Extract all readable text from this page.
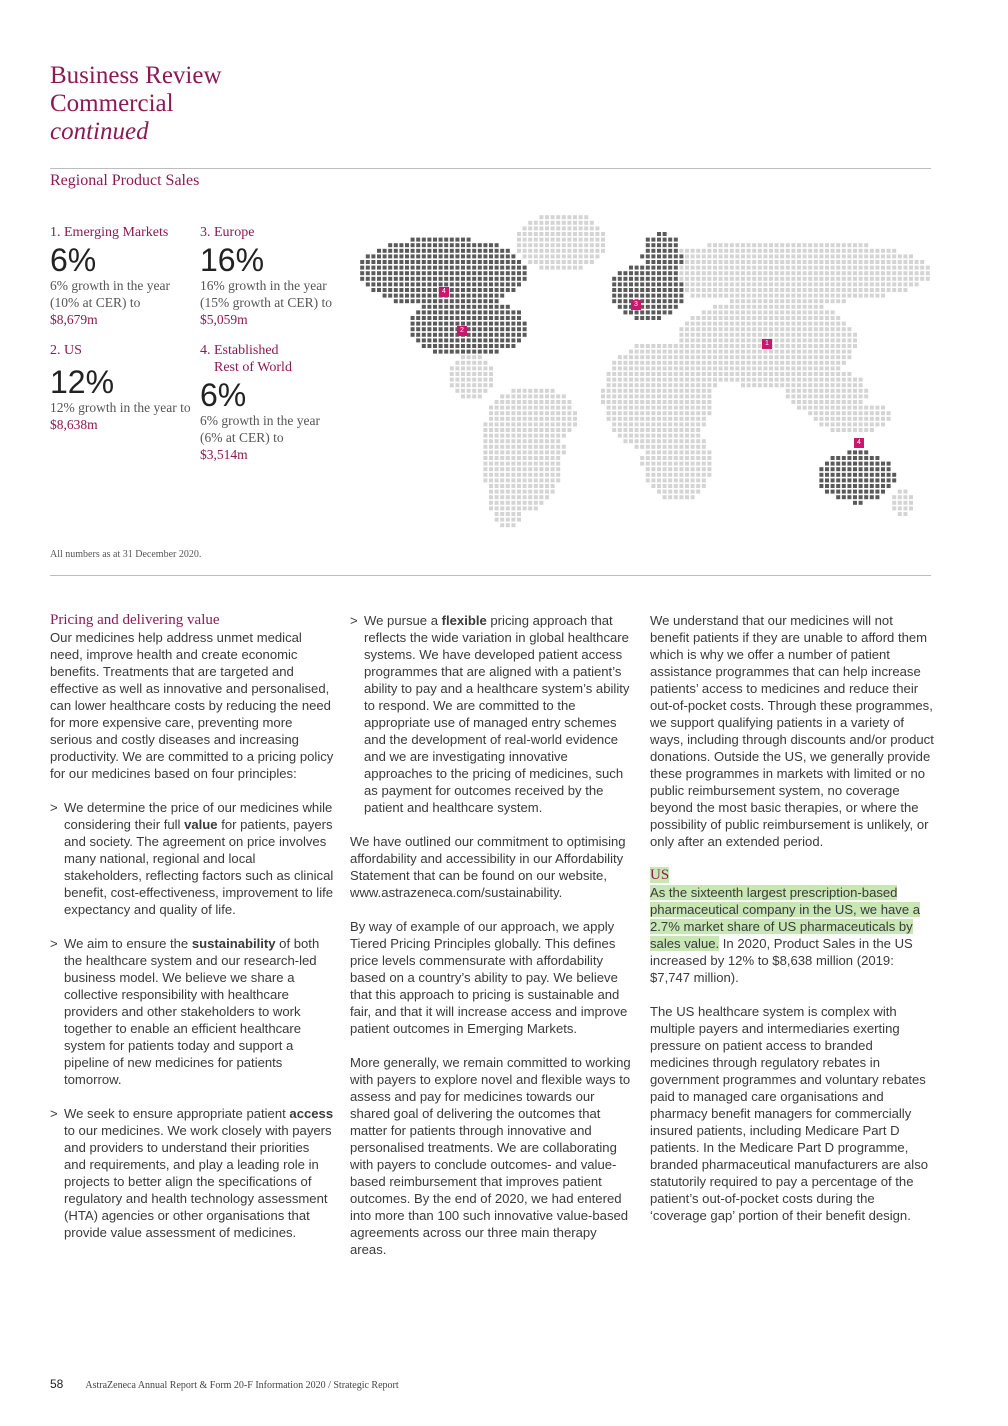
Business Review
Commercial
continued
Regional Product Sales
1. Emerging Markets
6%
6% growth in the year (10% at CER) to
$8,679m
2. US
12%
12% growth in the year to $8,638m
3. Europe
16%
16% growth in the year (15% growth at CER) to
$5,059m
4. Established
Rest of World
6%
6% growth in the year (6% at CER) to
$3,514m
4
2
3
1
4
All numbers as at 31 December 2020.
Pricing and delivering value

Our medicines help address unmet medical need, improve health and create economic benefits. Treatments that are targeted and effective as well as innovative and personalised, can lower healthcare costs by reducing the need for more expensive care, preventing more serious and costly diseases and increasing productivity. We are committed to a pricing policy for our medicines based on four principles:

> We determine the price of our medicines while considering their full value for patients, payers and society. The agreement on price involves many national, regional and local stakeholders, reflecting factors such as clinical benefit, cost-effectiveness, improvement to life expectancy and quality of life.
> We aim to ensure the sustainability of both the healthcare system and our research-led business model. We believe we share a collective responsibility with healthcare providers and other stakeholders to work together to enable an efficient healthcare system for patients today and support a pipeline of new medicines for patients tomorrow.
> We seek to ensure appropriate patient access to our medicines. We work closely with payers and providers to understand their priorities and requirements, and play a leading role in projects to better align the specifications of regulatory and health technology assessment (HTA) agencies or other organisations that provide value assessment of medicines.
> We pursue a flexible pricing approach that reflects the wide variation in global healthcare systems. We have developed patient access programmes that are aligned with a patient’s ability to pay and a healthcare system’s ability to respond. We are committed to the appropriate use of managed entry schemes and the development of real-world evidence and we are investigating innovative approaches to the pricing of medicines, such as payment for outcomes received by the patient and healthcare system.

We have outlined our commitment to optimising affordability and accessibility in our Affordability Statement that can be found on our website, www.astrazeneca.com/sustainability.

By way of example of our approach, we apply Tiered Pricing Principles globally. This defines price levels commensurate with affordability based on a country’s ability to pay. We believe that this approach to pricing is sustainable and fair, and that it will increase access and improve patient outcomes in Emerging Markets.

More generally, we remain committed to working with payers to explore novel and flexible ways to assess and pay for medicines towards our shared goal of delivering the outcomes that matter for patients through innovative and personalised treatments. We are collaborating with payers to conclude outcomes- and value-based reimbursement that improves patient outcomes. By the end of 2020, we had entered into more than 100 such innovative value-based agreements across our three main therapy areas.

We understand that our medicines will not benefit patients if they are unable to afford them which is why we offer a number of patient assistance programmes that can help increase patients’ access to medicines and reduce their out-of-pocket costs. Through these programmes, we support qualifying patients in a variety of ways, including through discounts and/or product donations. Outside the US, we generally provide these programmes in markets with limited or no public reimbursement system, no coverage beyond the most basic therapies, or where the possibility of public reimbursement is unlikely, or only after an extended period.

US

As the sixteenth largest prescription-based pharmaceutical company in the US, we have a 2.7% market share of US pharmaceuticals by sales value. In 2020, Product Sales in the US increased by 12% to $8,638 million (2019: $7,747 million).

The US healthcare system is complex with multiple payers and intermediaries exerting pressure on patient access to branded medicines through regulatory rebates in government programmes and voluntary rebates paid to managed care organisations and pharmacy benefit managers for commercially insured patients, including Medicare Part D patients. In the Medicare Part D programme, branded pharmaceutical manufacturers are also statutorily required to pay a percentage of the patient’s out-of-pocket costs during the ‘coverage gap’ portion of their benefit design.

58 AstraZeneca Annual Report & Form 20-F Information 2020 / Strategic Report
